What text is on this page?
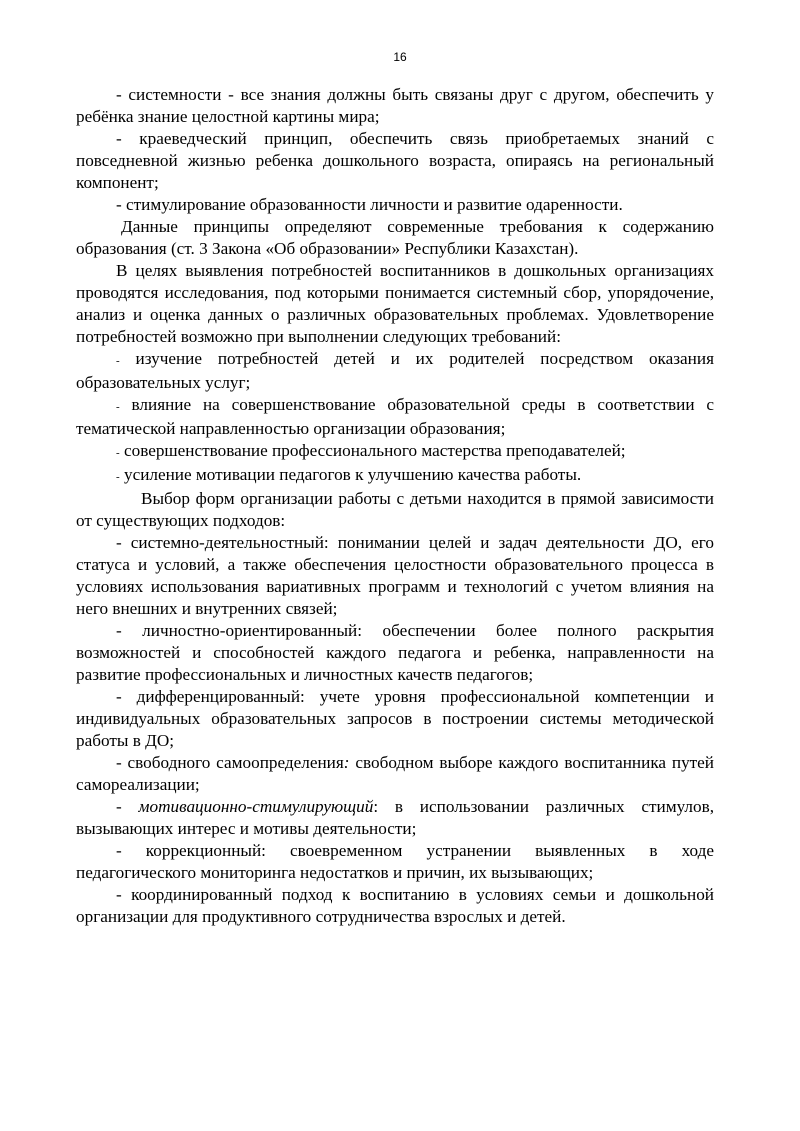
16

- системности - все знания должны быть связаны друг с другом, обеспечить у ребёнка знание целостной картины мира;

- краеведческий принцип, обеспечить связь приобретаемых знаний с повседневной жизнью ребенка дошкольного возраста, опираясь на региональный компонент;

- стимулирование образованности личности и развитие одаренности.

Данные принципы определяют современные требования к содержанию образования (ст. 3 Закона «Об образовании» Республики Казахстан).

В целях выявления потребностей воспитанников в дошкольных организациях проводятся исследования, под которыми понимается системный сбор, упорядочение, анализ и оценка данных о различных образовательных проблемах. Удовлетворение потребностей возможно при выполнении следующих требований:

- изучение потребностей детей и их родителей посредством оказания образовательных услуг;

- влияние на совершенствование образовательной среды в соответствии с тематической направленностью организации образования;

- совершенствование профессионального мастерства преподавателей;

- усиление мотивации педагогов к улучшению качества работы.

Выбор форм организации работы с детьми находится в прямой зависимости от существующих подходов:

- системно-деятельностный: понимании целей и задач деятельности ДО, его статуса и условий, а также обеспечения целостности образовательного процесса в условиях использования вариативных программ и технологий с учетом влияния на него внешних и внутренних связей;

- личностно-ориентированный: обеспечении более полного раскрытия возможностей и способностей каждого педагога и ребенка, направленности на развитие профессиональных и личностных качеств педагогов;

- дифференцированный: учете уровня профессиональной компетенции и индивидуальных образовательных запросов в построении системы методической работы в ДО;

- свободного самоопределения: свободном выборе каждого воспитанника путей самореализации;

- мотивационно-стимулирующий: в использовании различных стимулов, вызывающих интерес и мотивы деятельности;

- коррекционный: своевременном устранении выявленных в ходе педагогического мониторинга недостатков и причин, их вызывающих;

- координированный подход к воспитанию в условиях семьи и дошкольной организации для продуктивного сотрудничества взрослых и детей.
